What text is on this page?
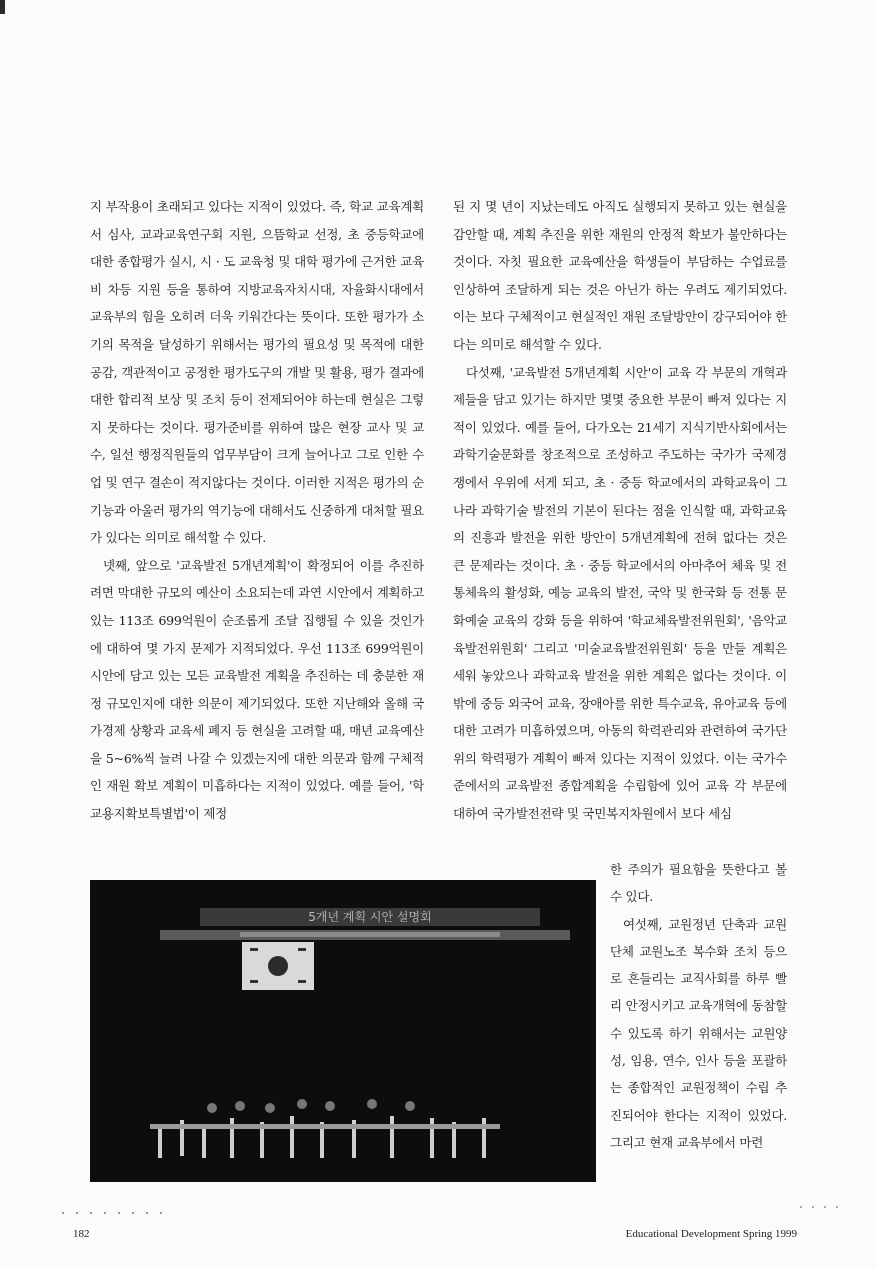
지 부작용이 초래되고 있다는 지적이 있었다. 즉, 학교 교육계획서 심사, 교과교육연구회 지원, 으뜸학교 선정, 초 중등학교에 대한 종합평가 실시, 시 · 도 교육청 및 대학 평가에 근거한 교육비 차등 지원 등을 통하여 지방교육자치시대, 자율화시대에서 교육부의 힘을 오히려 더욱 키워간다는 뜻이다. 또한 평가가 소기의 목적을 달성하기 위해서는 평가의 필요성 및 목적에 대한 공감, 객관적이고 공정한 평가도구의 개발 및 활용, 평가 결과에 대한 합리적 보상 및 조치 등이 전제되어야 하는데 현실은 그렇지 못하다는 것이다. 평가준비를 위하여 많은 현장 교사 및 교수, 일선 행정직원들의 업무부담이 크게 늘어나고 그로 인한 수업 및 연구 결손이 적지않다는 것이다. 이러한 지적은 평가의 순기능과 아울러 평가의 역기능에 대해서도 신중하게 대처할 필요가 있다는 의미로 해석할 수 있다.

넷째, 앞으로 '교육발전 5개년계획'이 확정되어 이를 추진하려면 막대한 규모의 예산이 소요되는데 과연 시안에서 계획하고 있는 113조 699억원이 순조롭게 조달 집행될 수 있을 것인가에 대하여 몇 가지 문제가 지적되었다. 우선 113조 699억원이 시안에 담고 있는 모든 교육발전 계획을 추진하는 데 충분한 재정 규모인지에 대한 의문이 제기되었다. 또한 지난해와 올해 국가경제 상황과 교육세 폐지 등 현실을 고려할 때, 매년 교육예산을 5~6%씩 늘려 나갈 수 있겠는지에 대한 의문과 함께 구체적인 재원 확보 계획이 미흡하다는 지적이 있었다. 예를 들어, '학교용지확보특별법'이 제정

된 지 몇 년이 지났는데도 아직도 실행되지 못하고 있는 현실을 감안할 때, 계획 추진을 위한 재원의 안정적 확보가 불안하다는 것이다. 자칫 필요한 교육예산을 학생들이 부담하는 수업료를 인상하여 조달하게 되는 것은 아닌가 하는 우려도 제기되었다. 이는 보다 구체적이고 현실적인 재원 조달방안이 강구되어야 한다는 의미로 해석할 수 있다.

다섯째, '교육발전 5개년계획 시안'이 교육 각 부문의 개혁과제들을 담고 있기는 하지만 몇몇 중요한 부문이 빠져 있다는 지적이 있었다. 예를 들어, 다가오는 21세기 지식기반사회에서는 과학기술문화를 창조적으로 조성하고 주도하는 국가가 국제경쟁에서 우위에 서게 되고, 초 · 중등 학교에서의 과학교육이 그 나라 과학기술 발전의 기본이 된다는 점을 인식할 때, 과학교육의 진흥과 발전을 위한 방안이 5개년계획에 전혀 없다는 것은 큰 문제라는 것이다. 초 · 중등 학교에서의 아마추어 체육 및 전통체육의 활성화, 예능 교육의 발전, 국악 및 한국화 등 전통 문화예술 교육의 강화 등을 위하여 '학교체육발전위원회', '음악교육발전위원회' 그리고 '미술교육발전위원회' 등을 만들 계획은 세워 놓았으나 과학교육 발전을 위한 계획은 없다는 것이다. 이밖에 중등 외국어 교육, 장애아를 위한 특수교육, 유아교육 등에 대한 고려가 미흡하였으며, 아동의 학력관리와 관련하여 국가단위의 학력평가 계획이 빠져 있다는 지적이 있었다. 이는 국가수준에서의 교육발전 종합계획을 수립함에 있어 교육 각 부문에 대하여 국가발전전략 및 국민복지차원에서 보다 세심

한 주의가 필요함을 뜻한다고 볼 수 있다.

여섯째, 교원정년 단축과 교원단체 교원노조 복수화 조치 등으로 흔들리는 교직사회를 하루 빨리 안정시키고 교육개혁에 동참할 수 있도록 하기 위해서는 교원양성, 임용, 연수, 인사 등을 포괄하는 종합적인 교원정책이 수립 추진되어야 한다는 지적이 있었다. 그리고 현재 교육부에서 마련

5개년 계획 시안 설명회
182	Educational Development Spring 1999
